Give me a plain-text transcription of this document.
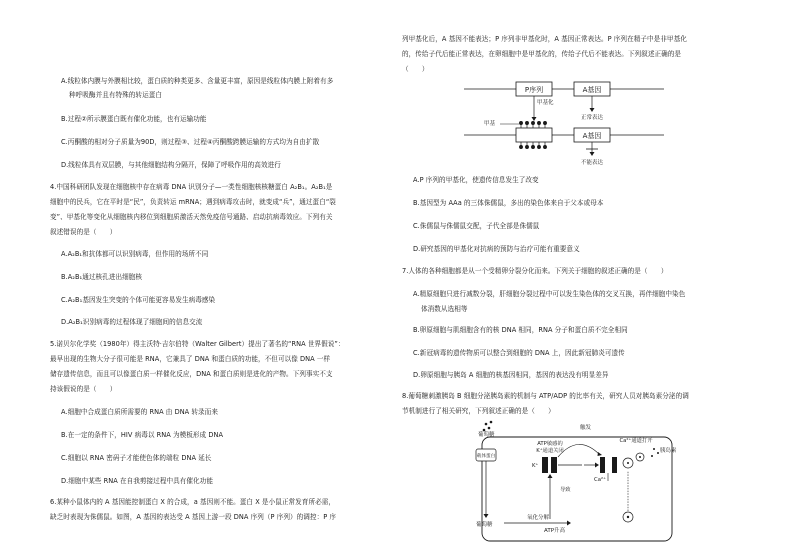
A.线粒体内膜与外膜相比较，蛋白质的种类更多、含量更丰富，原因是线粒体内膜上附着有多
种呼吸酶并且有特殊的转运蛋白
B.过程②所示膜蛋白既有催化功能，也有运输功能
C.丙酮酸的相对分子质量为90D，则过程③、过程④丙酮酸跨膜运输的方式均为自由扩散
D.线粒体具有双层膜，与其他细胞结构分隔开，保障了呼吸作用的高效进行
4.中国科研团队发现在细胞核中存在病毒 DNA 识别分子—一类性细胞核核糖蛋白 A₂B₁。A₂B₁是
细胞中的民兵，它在平时是“民”，负责转运 mRNA；遇到病毒攻击时，就变成“兵”，通过蛋白“裂
变”、甲基化等变化从细胞核内移位到细胞质激活天然免疫信号通路、启动抗病毒效应。下列有关
叙述错误的是（　　）
A.A₂B₁和抗体都可以识别病毒，但作用的场所不同
B.A₂B₁通过核孔进出细胞核
C.A₂B₁基因发生突变的个体可能更容易发生病毒感染
D.A₂B₁识别病毒的过程体现了细胞间的信息交流
5.诺贝尔化学奖（1980年）得主沃特·吉尔伯特（Walter Gilbert）提出了著名的“RNA 世界假说”：
最早出现的生物大分子很可能是 RNA，它兼具了 DNA 和蛋白质的功能，不但可以像 DNA 一样
储存遗传信息，而且可以像蛋白质一样催化反应，DNA 和蛋白质则是进化的产物。下列事实不支
持该假说的是（　　）
A.细胞中合成蛋白质所需要的 RNA 由 DNA 转录而来
B.在一定的条件下，HIV 病毒以 RNA 为模板形成 DNA
C.细胞以 RNA 密码子才能使色体的端粒 DNA 延长
D.细胞中某些 RNA 在自我剪接过程中具有催化功能
6.某种小鼠体内的 A 基因能控制蛋白 X 的合成，a 基因则不能。蛋白 X 是小鼠正常发育所必需，
缺乏时表现为侏儒鼠。如图，A 基因的表达受 A 基因上游一段 DNA 序列（P 序列）的调控：P 序
列甲基化后，A 基因不能表达；P 序列非甲基化时，A 基因正常表达。P 序列在精子中是非甲基化
的，传给子代后能正常表达，在卵细胞中是甲基化的，传给子代后不能表达。下列叙述正确的是
（　　）
P序列	A基因
正常表达
甲基化
A基因
甲基
不能表达
A.P 序列的甲基化，使遗传信息发生了改变
B.基因型为 AAa 的三体侏儒鼠，多出的染色体来自于父本或母本
C.侏儒鼠与侏儒鼠交配，子代全部是侏儒鼠
D.研究基因的甲基化对抗病的预防与治疗可能有重要意义
7.人体的各种细胞都是从一个受精卵分裂分化而来。下列关于细胞的叙述正确的是（　　）
A.精原细胞只进行减数分裂，肝细胞分裂过程中可以发生染色体的交叉互换，再伴细胞中染色
体消数从选相等
B.卵原细胞与肌细胞含有的核 DNA 相同，RNA 分子和蛋白质不完全相同
C.新冠病毒的遗传物质可以整合到细胞的 DNA 上，因此新冠肺炎可遗传
D.卵原细胞与胰岛 A 细胞的核基因相同，基因的表达没有明显差异
8.葡萄糖刺激胰岛 B 细胞分泌胰岛素的机制与 ATP/ADP 的比率有关，研究人员对胰岛素分泌的调
节机制进行了相关研究，下列叙述正确的是（　　）
葡萄糖
载体蛋白
葡萄糖
氧化分解
ATP升高
ATP敏感的
K⁺通道关闭
K⁺
导致
触发
Ca²⁺通道打开
Ca²⁺
胰岛素
